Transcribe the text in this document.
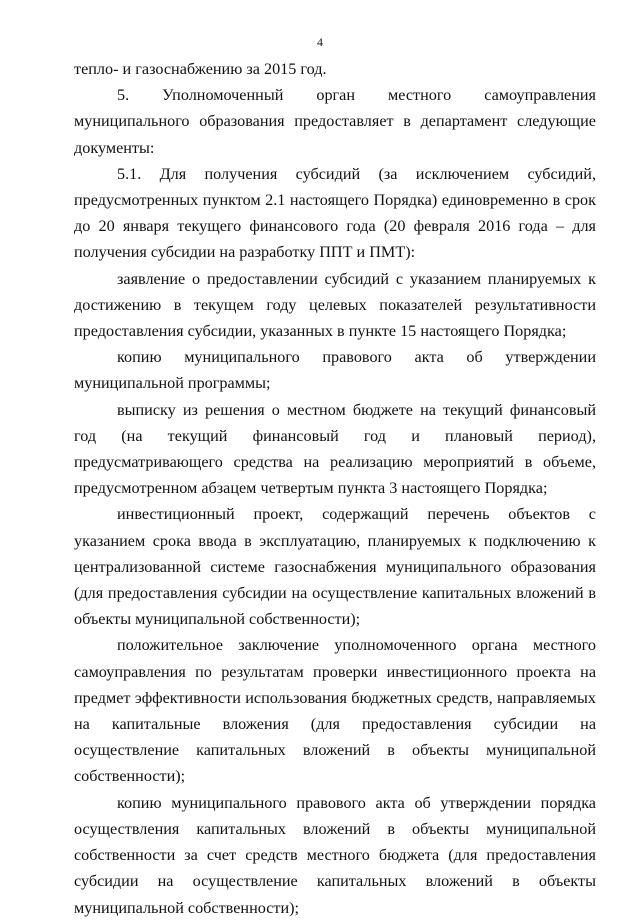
4

тепло- и газоснабжению за 2015 год.

5. Уполномоченный орган местного самоуправления муниципального образования предоставляет в департамент следующие документы:

5.1. Для получения субсидий (за исключением субсидий, предусмотренных пунктом 2.1 настоящего Порядка) единовременно в срок до 20 января текущего финансового года (20 февраля 2016 года – для получения субсидии на разработку ППТ и ПМТ):

заявление о предоставлении субсидий с указанием планируемых к достижению в текущем году целевых показателей результативности предоставления субсидии, указанных в пункте 15 настоящего Порядка;

копию муниципального правового акта об утверждении муниципальной программы;

выписку из решения о местном бюджете на текущий финансовый год (на текущий финансовый год и плановый период), предусматривающего средства на реализацию мероприятий в объеме, предусмотренном абзацем четвертым пункта 3 настоящего Порядка;

инвестиционный проект, содержащий перечень объектов с указанием срока ввода в эксплуатацию, планируемых к подключению к централизованной системе газоснабжения муниципального образования (для предоставления субсидии на осуществление капитальных вложений в объекты муниципальной собственности);

положительное заключение уполномоченного органа местного самоуправления по результатам проверки инвестиционного проекта на предмет эффективности использования бюджетных средств, направляемых на капитальные вложения (для предоставления субсидии на осуществление капитальных вложений в объекты муниципальной собственности);

копию муниципального правового акта об утверждении порядка осуществления капитальных вложений в объекты муниципальной собственности за счет средств местного бюджета (для предоставления субсидии на осуществление капитальных вложений в объекты муниципальной собственности);
